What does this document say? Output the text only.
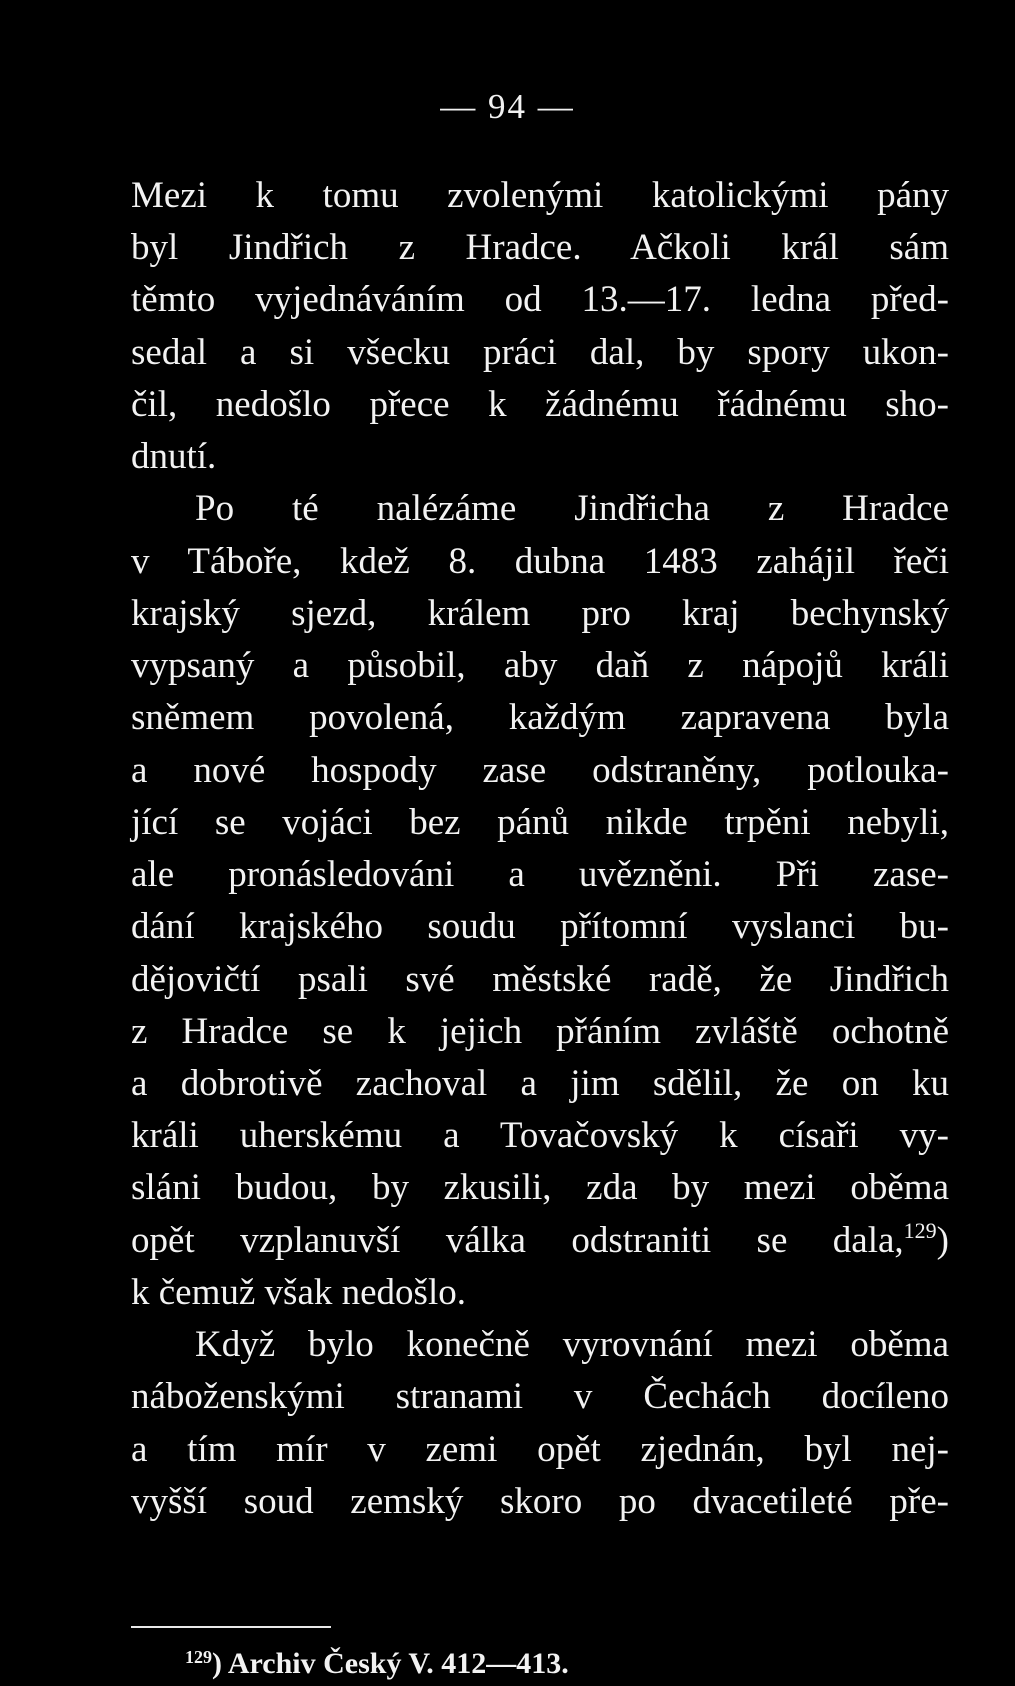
— 94 —
Mezi k tomu zvolenými katolickými pány
byl Jindřich z Hradce. Ačkoli král sám
těmto vyjednáváním od 13.—17. ledna před-
sedal a si všecku práci dal, by spory ukon-
čil, nedošlo přece k žádnému řádnému sho-
dnutí.
Po té nalézáme Jindřicha z Hradce
v Táboře, kdež 8. dubna 1483 zahájil řeči
krajský sjezd, králem pro kraj bechynský
vypsaný a působil, aby daň z nápojů králi
sněmem povolená, každým zapravena byla
a nové hospody zase odstraněny, potlouka-
jící se vojáci bez pánů nikde trpěni nebyli,
ale pronásledováni a uvězněni. Při zase-
dání krajského soudu přítomní vyslanci bu-
dějovičtí psali své městské radě, že Jindřich
z Hradce se k jejich přáním zvláště ochotně
a dobrotivě zachoval a jim sdělil, že on ku
králi uherskému a Tovačovský k císaři vy-
sláni budou, by zkusili, zda by mezi oběma
opět vzplanuvší válka odstraniti se dala,$^{129}$)
k čemuž však nedošlo.
Když bylo konečně vyrovnání mezi oběma
náboženskými stranami v Čechách docíleno
a tím mír v zemi opět zjednán, byl nej-
vyšší soud zemský skoro po dvacetileté pře-
$^{129}$) Archiv Český V. 412—413.
